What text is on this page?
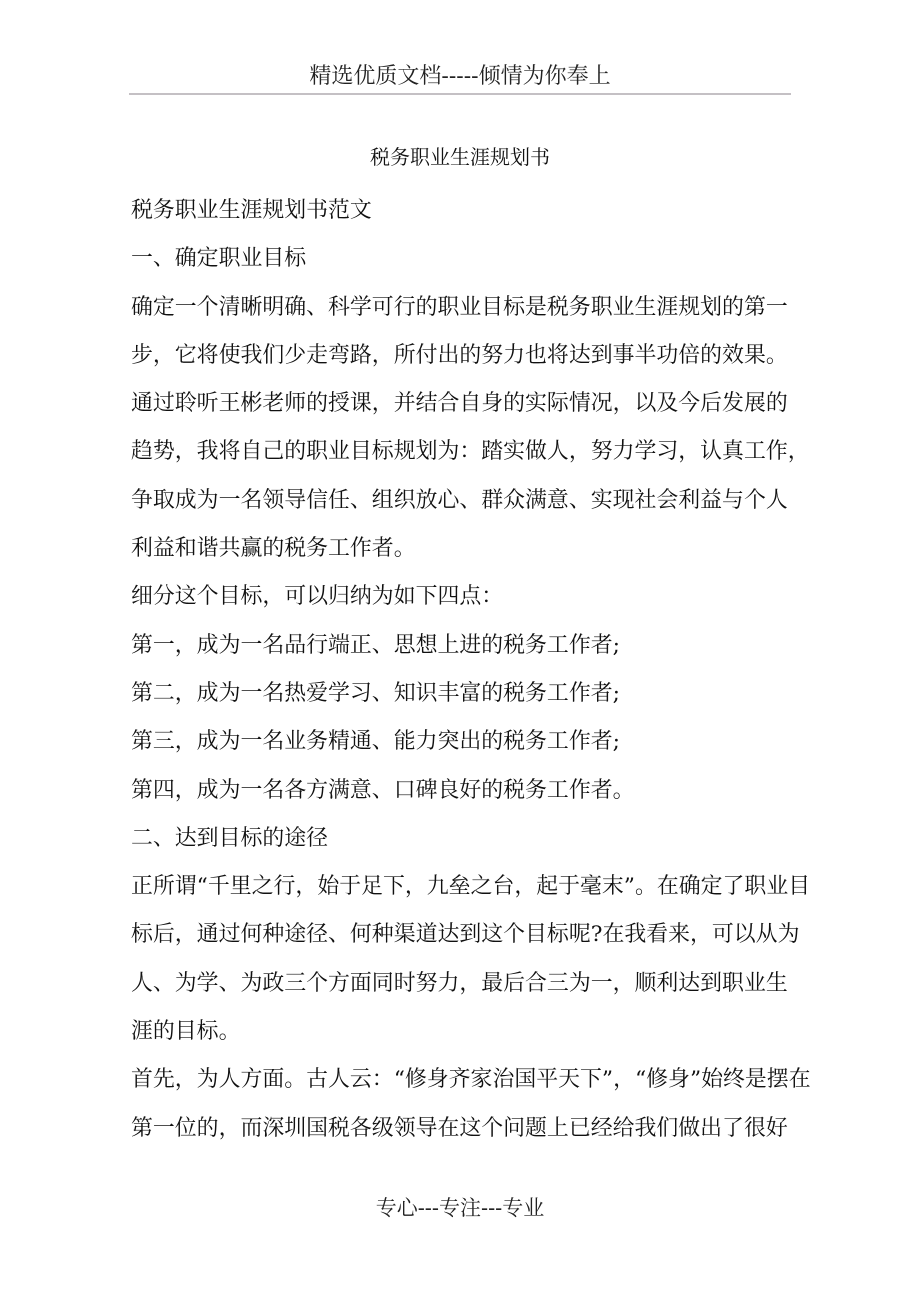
精选优质文档-----倾情为你奉上
税务职业生涯规划书
税务职业生涯规划书范文
一、确定职业目标
确定一个清晰明确、科学可行的职业目标是税务职业生涯规划的第一
步，它将使我们少走弯路，所付出的努力也将达到事半功倍的效果。
通过聆听王彬老师的授课，并结合自身的实际情况，以及今后发展的
趋势，我将自己的职业目标规划为：踏实做人，努力学习，认真工作，
争取成为一名领导信任、组织放心、群众满意、实现社会利益与个人
利益和谐共赢的税务工作者。
细分这个目标，可以归纳为如下四点：
第一，成为一名品行端正、思想上进的税务工作者;
第二，成为一名热爱学习、知识丰富的税务工作者;
第三，成为一名业务精通、能力突出的税务工作者;
第四，成为一名各方满意、口碑良好的税务工作者。
二、达到目标的途径
正所谓“千里之行，始于足下，九垒之台，起于毫末”。在确定了职业目
标后，通过何种途径、何种渠道达到这个目标呢?在我看来，可以从为
人、为学、为政三个方面同时努力，最后合三为一，顺利达到职业生
涯的目标。
首先，为人方面。古人云：“修身齐家治国平天下”，“修身”始终是摆在
第一位的，而深圳国税各级领导在这个问题上已经给我们做出了很好
专心---专注---专业
